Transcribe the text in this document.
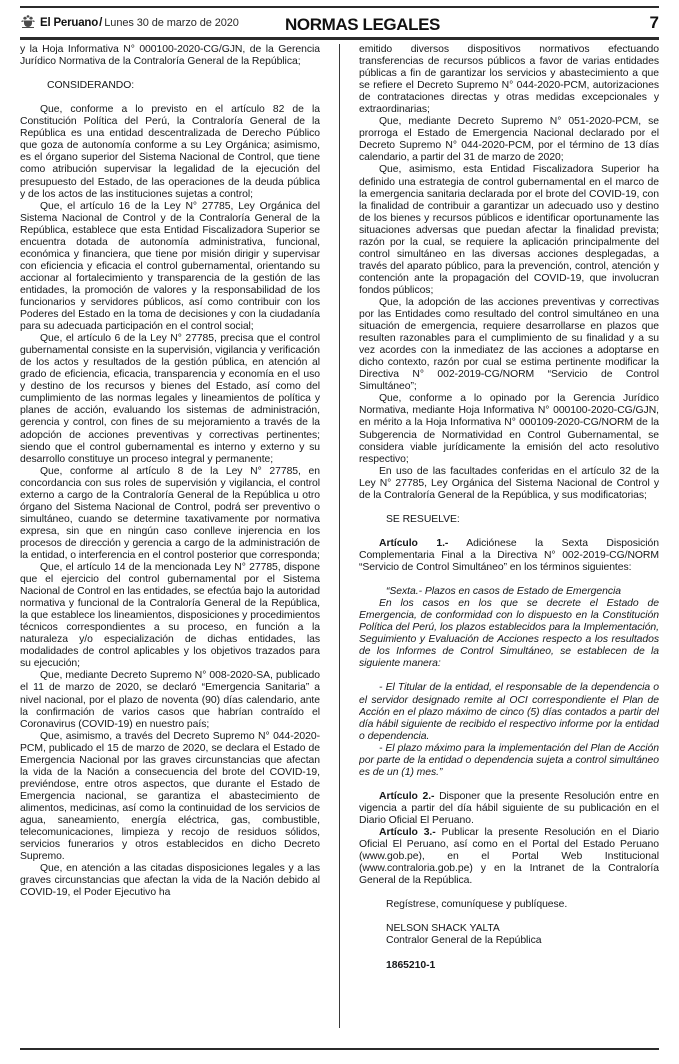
El Peruano / Lunes 30 de marzo de 2020	NORMAS LEGALES	7

y la Hoja Informativa N° 000100-2020-CG/GJN, de la Gerencia Jurídico Normativa de la Contraloría General de la República;

CONSIDERANDO:

Que, conforme a lo previsto en el artículo 82 de la Constitución Política del Perú, la Contraloría General de la República es una entidad descentralizada de Derecho Público que goza de autonomía conforme a su Ley Orgánica; asimismo, es el órgano superior del Sistema Nacional de Control, que tiene como atribución supervisar la legalidad de la ejecución del presupuesto del Estado, de las operaciones de la deuda pública y de los actos de las instituciones sujetas a control;

Que, el artículo 16 de la Ley N° 27785, Ley Orgánica del Sistema Nacional de Control y de la Contraloría General de la República, establece que esta Entidad Fiscalizadora Superior se encuentra dotada de autonomía administrativa, funcional, económica y financiera, que tiene por misión dirigir y supervisar con eficiencia y eficacia el control gubernamental, orientando su accionar al fortalecimiento y transparencia de la gestión de las entidades, la promoción de valores y la responsabilidad de los funcionarios y servidores públicos, así como contribuir con los Poderes del Estado en la toma de decisiones y con la ciudadanía para su adecuada participación en el control social;

Que, el artículo 6 de la Ley N° 27785, precisa que el control gubernamental consiste en la supervisión, vigilancia y verificación de los actos y resultados de la gestión pública, en atención al grado de eficiencia, eficacia, transparencia y economía en el uso y destino de los recursos y bienes del Estado, así como del cumplimiento de las normas legales y lineamientos de política y planes de acción, evaluando los sistemas de administración, gerencia y control, con fines de su mejoramiento a través de la adopción de acciones preventivas y correctivas pertinentes; siendo que el control gubernamental es interno y externo y su desarrollo constituye un proceso integral y permanente;

Que, conforme al artículo 8 de la Ley N° 27785, en concordancia con sus roles de supervisión y vigilancia, el control externo a cargo de la Contraloría General de la República u otro órgano del Sistema Nacional de Control, podrá ser preventivo o simultáneo, cuando se determine taxativamente por normativa expresa, sin que en ningún caso conlleve injerencia en los procesos de dirección y gerencia a cargo de la administración de la entidad, o interferencia en el control posterior que corresponda;

Que, el artículo 14 de la mencionada Ley N° 27785, dispone que el ejercicio del control gubernamental por el Sistema Nacional de Control en las entidades, se efectúa bajo la autoridad normativa y funcional de la Contraloría General de la República, la que establece los lineamientos, disposiciones y procedimientos técnicos correspondientes a su proceso, en función a la naturaleza y/o especialización de dichas entidades, las modalidades de control aplicables y los objetivos trazados para su ejecución;

Que, mediante Decreto Supremo N° 008-2020-SA, publicado el 11 de marzo de 2020, se declaró “Emergencia Sanitaria” a nivel nacional, por el plazo de noventa (90) días calendario, ante la confirmación de varios casos que habrían contraído el Coronavirus (COVID-19) en nuestro país;

Que, asimismo, a través del Decreto Supremo N° 044-2020-PCM, publicado el 15 de marzo de 2020, se declara el Estado de Emergencia Nacional por las graves circunstancias que afectan la vida de la Nación a consecuencia del brote del COVID-19, previéndose, entre otros aspectos, que durante el Estado de Emergencia nacional, se garantiza el abastecimiento de alimentos, medicinas, así como la continuidad de los servicios de agua, saneamiento, energía eléctrica, gas, combustible, telecomunicaciones, limpieza y recojo de residuos sólidos, servicios funerarios y otros establecidos en dicho Decreto Supremo.

Que, en atención a las citadas disposiciones legales y a las graves circunstancias que afectan la vida de la Nación debido al COVID-19, el Poder Ejecutivo ha

emitido diversos dispositivos normativos efectuando transferencias de recursos públicos a favor de varias entidades públicas a fin de garantizar los servicios y abastecimiento a que se refiere el Decreto Supremo N° 044-2020-PCM, autorizaciones de contrataciones directas y otras medidas excepcionales y extraordinarias;

Que, mediante Decreto Supremo N° 051-2020-PCM, se prorroga el Estado de Emergencia Nacional declarado por el Decreto Supremo N° 044-2020-PCM, por el término de 13 días calendario, a partir del 31 de marzo de 2020;

Que, asimismo, esta Entidad Fiscalizadora Superior ha definido una estrategia de control gubernamental en el marco de la emergencia sanitaria declarada por el brote del COVID-19, con la finalidad de contribuir a garantizar un adecuado uso y destino de los bienes y recursos públicos e identificar oportunamente las situaciones adversas que puedan afectar la finalidad prevista; razón por la cual, se requiere la aplicación principalmente del control simultáneo en las diversas acciones desplegadas, a través del aparato público, para la prevención, control, atención y contención ante la propagación del COVID-19, que involucran fondos públicos;

Que, la adopción de las acciones preventivas y correctivas por las Entidades como resultado del control simultáneo en una situación de emergencia, requiere desarrollarse en plazos que resulten razonables para el cumplimiento de su finalidad y a su vez acordes con la inmediatez de las acciones a adoptarse en dicho contexto, razón por cual se estima pertinente modificar la Directiva N° 002-2019-CG/NORM “Servicio de Control Simultáneo”;

Que, conforme a lo opinado por la Gerencia Jurídico Normativa, mediante Hoja Informativa N° 000100-2020-CG/GJN, en mérito a la Hoja Informativa N° 000109-2020-CG/NORM de la Subgerencia de Normatividad en Control Gubernamental, se considera viable jurídicamente la emisión del acto resolutivo respectivo;

En uso de las facultades conferidas en el artículo 32 de la Ley N° 27785, Ley Orgánica del Sistema Nacional de Control y de la Contraloría General de la República, y sus modificatorias;

SE RESUELVE:

Artículo 1.- Adiciónese la Sexta Disposición Complementaria Final a la Directiva N° 002-2019-CG/NORM “Servicio de Control Simultáneo” en los términos siguientes:

“Sexta.- Plazos en casos de Estado de Emergencia

En los casos en los que se decrete el Estado de Emergencia, de conformidad con lo dispuesto en la Constitución Política del Perú, los plazos establecidos para la Implementación, Seguimiento y Evaluación de Acciones respecto a los resultados de los Informes de Control Simultáneo, se establecen de la siguiente manera:

- El Titular de la entidad, el responsable de la dependencia o el servidor designado remite al OCI correspondiente el Plan de Acción en el plazo máximo de cinco (5) días contados a partir del día hábil siguiente de recibido el respectivo informe por la entidad o dependencia.

- El plazo máximo para la implementación del Plan de Acción por parte de la entidad o dependencia sujeta a control simultáneo es de un (1) mes.”

Artículo 2.- Disponer que la presente Resolución entre en vigencia a partir del día hábil siguiente de su publicación en el Diario Oficial El Peruano.

Artículo 3.- Publicar la presente Resolución en el Diario Oficial El Peruano, así como en el Portal del Estado Peruano (www.gob.pe), en el Portal Web Institucional (www.contraloria.gob.pe) y en la Intranet de la Contraloría General de la República.

Regístrese, comuníquese y publíquese.

NELSON SHACK YALTA

Contralor General de la República

1865210-1
